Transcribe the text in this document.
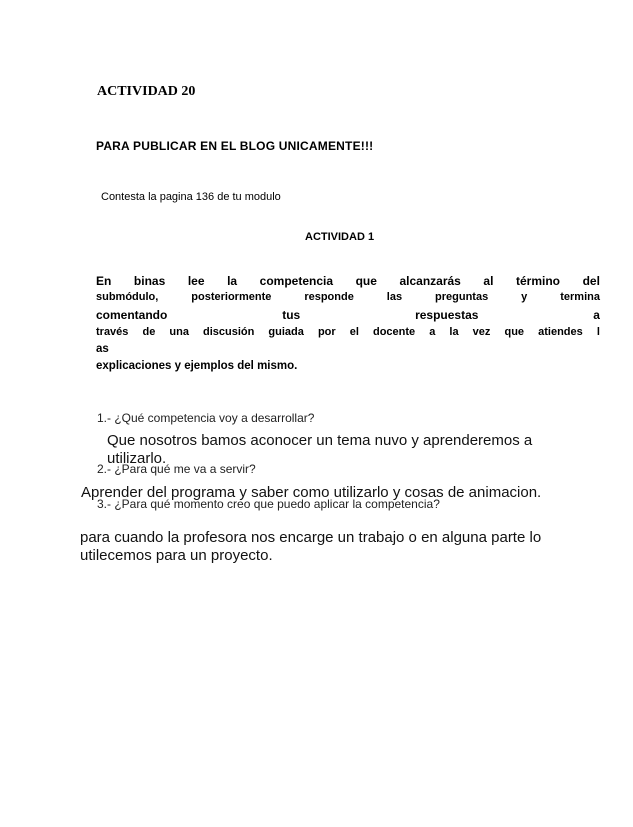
ACTIVIDAD 20
PARA PUBLICAR EN EL BLOG UNICAMENTE!!!
Contesta la pagina 136 de tu modulo
ACTIVIDAD 1
En binas lee la competencia que alcanzarás al término del
submódulo,	posteriormente	responde	las	preguntas	y	termina
comentando	tus	respuestas	a
través de una discusión guiada por el docente a la vez que atiendes l
as
explicaciones y ejemplos del mismo.
1.- ¿Qué competencia voy a desarrollar?
Que nosotros bamos aconocer un tema nuvo y aprenderemos a
utilizarlo.
2.- ¿Para qué me va a servir?
Aprender del programa y saber como utilizarlo y cosas de animacion.
3.- ¿Para qué momento creo que puedo aplicar la competencia?
para cuando la profesora nos encarge un trabajo o en alguna parte lo
utilecemos para un proyecto.
